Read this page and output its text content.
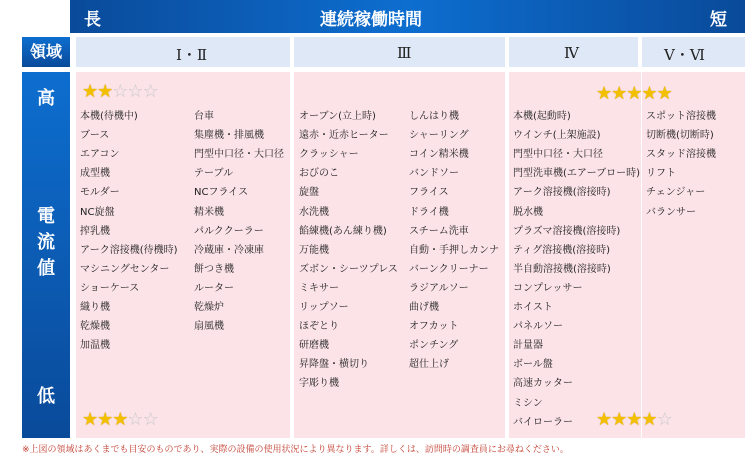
長	連続稼働時間	短
領域	Ⅰ・Ⅱ	Ⅲ	Ⅳ	Ⅴ・Ⅵ
高
電
流
値
低
★★☆☆☆
本機(待機中)
ブース
エアコン
成型機
モルダー
NC旋盤
搾乳機
アーク溶接機(待機時)
マシニングセンター
ショーケース
織り機
乾燥機
加温機
台車
集塵機・排風機
門型中口径・大口径
テーブル
NCフライス
精米機
パルククーラー
冷蔵庫・冷凍庫
餅つき機
ルーター
乾燥炉
扇風機
★★★☆☆
オーブン(立上時)
遠赤・近赤ヒーター
クラッシャー
おびのこ
旋盤
水洗機
餡練機(あん練り機)
万能機
ズボン・シーツプレス
ミキサー
リップソー
ほぞとり
研磨機
昇降盤・横切り
字彫り機
しんはり機
シャーリング
コイン精米機
バンドソー
フライス
ドライ機
スチーム洗車
自動・手押しカンナ
バーンクリーナー
ラジアルソー
曲げ機
オフカット
ポンチング
超仕上げ
本機(起動時)
ウインチ(上架施設)
門型中口径・大口径
門型洗車機(エアーブロー時)
アーク溶接機(溶接時)
脱水機
プラズマ溶接機(溶接時)
ティグ溶接機(溶接時)
半自動溶接機(溶接時)
コンプレッサー
ホイスト
パネルソー
計量器
ボール盤
高速カッター
ミシン
バイローラー
スポット溶接機
切断機(切断時)
スタッド溶接機
リフト
チェンジャー
バランサー
★★★★★
★★★★☆
※上図の領域はあくまでも目安のものであり、実際の設備の使用状況により異なります。詳しくは、訪問時の調査員にお尋ねください。
